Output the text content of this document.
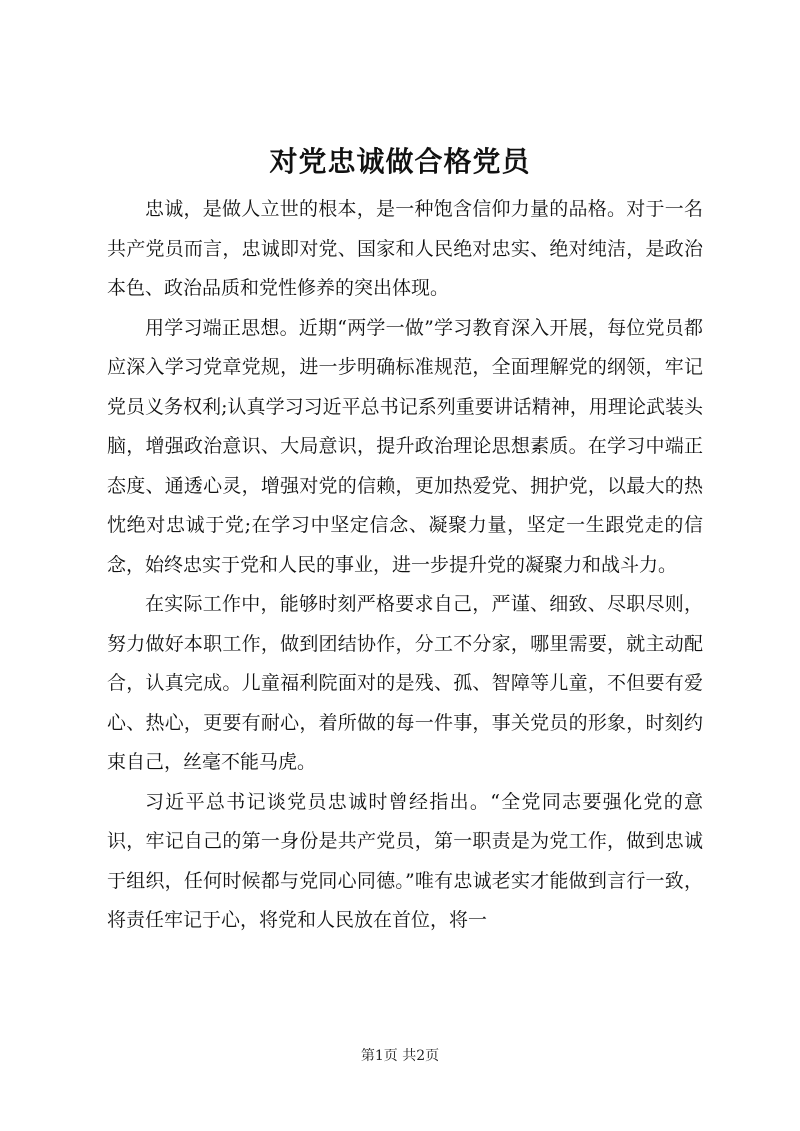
对党忠诚做合格党员

忠诚，是做人立世的根本，是一种饱含信仰力量的品格。对于一名共产党员而言，忠诚即对党、国家和人民绝对忠实、绝对纯洁，是政治本色、政治品质和党性修养的突出体现。

用学习端正思想。近期“两学一做”学习教育深入开展，每位党员都应深入学习党章党规，进一步明确标准规范，全面理解党的纲领，牢记党员义务权利;认真学习习近平总书记系列重要讲话精神，用理论武装头脑，增强政治意识、大局意识，提升政治理论思想素质。在学习中端正态度、通透心灵，增强对党的信赖，更加热爱党、拥护党，以最大的热忱绝对忠诚于党;在学习中坚定信念、凝聚力量，坚定一生跟党走的信念，始终忠实于党和人民的事业，进一步提升党的凝聚力和战斗力。

在实际工作中，能够时刻严格要求自己，严谨、细致、尽职尽则，努力做好本职工作，做到团结协作，分工不分家，哪里需要，就主动配合，认真完成。儿童福利院面对的是残、孤、智障等儿童，不但要有爱心、热心，更要有耐心，着所做的每一件事，事关党员的形象，时刻约束自己，丝毫不能马虎。

习近平总书记谈党员忠诚时曾经指出。“全党同志要强化党的意识，牢记自己的第一身份是共产党员，第一职责是为党工作，做到忠诚于组织，任何时候都与党同心同德。”唯有忠诚老实才能做到言行一致，将责任牢记于心，将党和人民放在首位，将一

第1页 共2页
